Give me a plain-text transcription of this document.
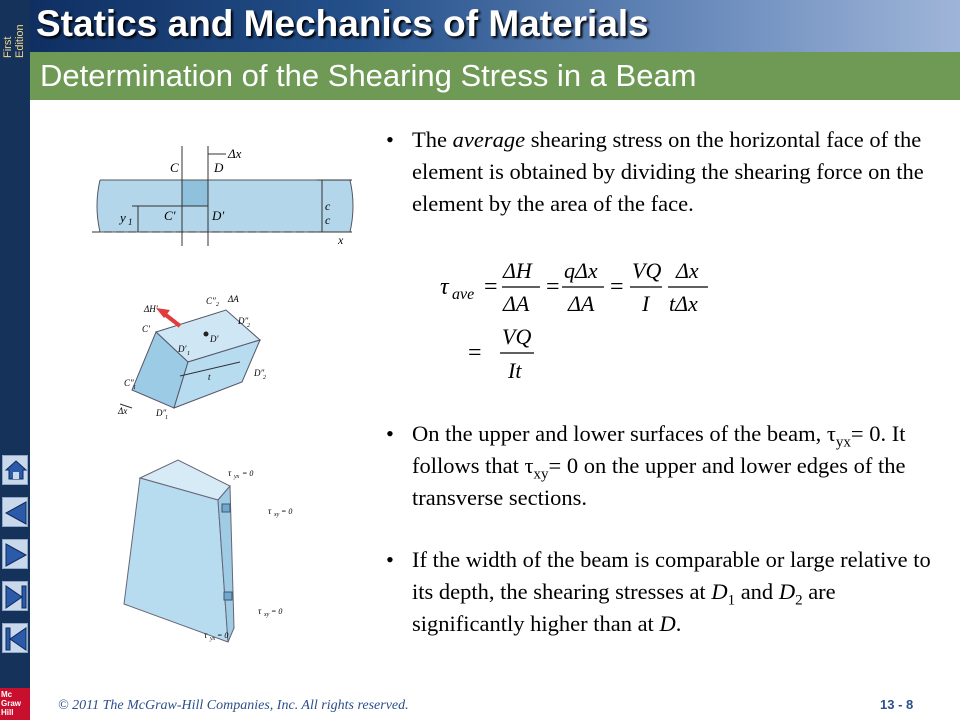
First
Edition Statics and Mechanics of Materials
Determination of the Shearing Stress in a Beam
Mc
Graw
Hill
C	D
Δx
y 1 C′	D′
c
c
x
ΔH′
C″ 2
ΔA
D″
2
C′
D′
D′ 1
D″
2
C″ 1
Δx
t
D″
1
τ yx = 0
τ xy = 0
τ xy = 0
τ yx = 0
• The average shearing stress on the horizontal face of the element is obtained by dividing the shearing force on the element by the area of the face.
• On the upper and lower surfaces of the beam, $\tau_{yx}= 0$. It follows that $\tau_{xy}= 0$ on the upper and lower edges of the transverse sections.
• If the width of the beam is comparable or large relative to its depth, the shearing stresses at $D_1$ and $D_2$ are significantly higher than at D.
τ ave =
ΔH
ΔA
=
qΔx
ΔA
=
VQ
I
Δx
tΔx
=
VQ
It
© 2011 The McGraw-Hill Companies, Inc. All rights reserved.	13 - 8
